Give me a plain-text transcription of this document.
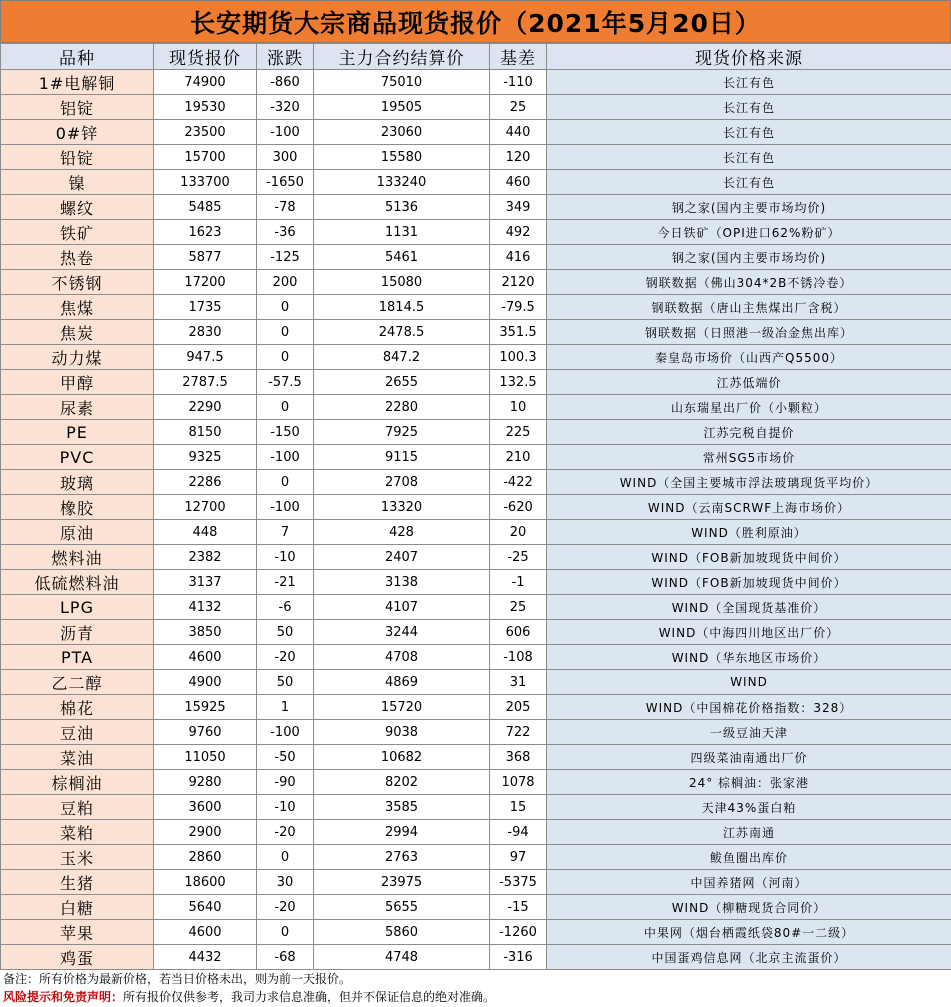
长安期货大宗商品现货报价（2021年5月20日）
品种	现货报价	涨跌	主力合约结算价	基差	现货价格来源
1#电解铜	74900	-860	75010	-110	长江有色
铝锭	19530	-320	19505	25	长江有色
0#锌	23500	-100	23060	440	长江有色
铅锭	15700	300	15580	120	长江有色
镍	133700	-1650	133240	460	长江有色
螺纹	5485	-78	5136	349	钢之家(国内主要市场均价)
铁矿	1623	-36	1131	492	今日铁矿（OPI进口62%粉矿）
热卷	5877	-125	5461	416	钢之家(国内主要市场均价)
不锈钢	17200	200	15080	2120	钢联数据（佛山304*2B不锈冷卷）
焦煤	1735	0	1814.5	-79.5	钢联数据（唐山主焦煤出厂含税）
焦炭	2830	0	2478.5	351.5	钢联数据（日照港一级冶金焦出库）
动力煤	947.5	0	847.2	100.3	秦皇岛市场价（山西产Q5500）
甲醇	2787.5	-57.5	2655	132.5	江苏低端价
尿素	2290	0	2280	10	山东瑞星出厂价（小颗粒）
PE	8150	-150	7925	225	江苏完税自提价
PVC	9325	-100	9115	210	常州SG5市场价
玻璃	2286	0	2708	-422	WIND（全国主要城市浮法玻璃现货平均价）
橡胶	12700	-100	13320	-620	WIND（云南SCRWF上海市场价）
原油	448	7	428	20	WIND（胜利原油）
燃料油	2382	-10	2407	-25	WIND（FOB新加坡现货中间价）
低硫燃料油	3137	-21	3138	-1	WIND（FOB新加坡现货中间价）
LPG	4132	-6	4107	25	WIND（全国现货基准价）
沥青	3850	50	3244	606	WIND（中海四川地区出厂价）
PTA	4600	-20	4708	-108	WIND（华东地区市场价）
乙二醇	4900	50	4869	31	WIND
棉花	15925	1	15720	205	WIND（中国棉花价格指数：328）
豆油	9760	-100	9038	722	一级豆油天津
菜油	11050	-50	10682	368	四级菜油南通出厂价
棕榈油	9280	-90	8202	1078	24° 棕榈油：张家港
豆粕	3600	-10	3585	15	天津43%蛋白粕
菜粕	2900	-20	2994	-94	江苏南通
玉米	2860	0	2763	97	鲅鱼圈出库价
生猪	18600	30	23975	-5375	中国养猪网（河南）
白糖	5640	-20	5655	-15	WIND（柳糖现货合同价）
苹果	4600	0	5860	-1260	中果网（烟台栖霞纸袋80#一二级）
鸡蛋	4432	-68	4748	-316	中国蛋鸡信息网（北京主流蛋价）
备注：所有价格为最新价格，若当日价格未出，则为前一天报价。
风险提示和免责声明：所有报价仅供参考，我司力求信息准确，但并不保证信息的绝对准确。
